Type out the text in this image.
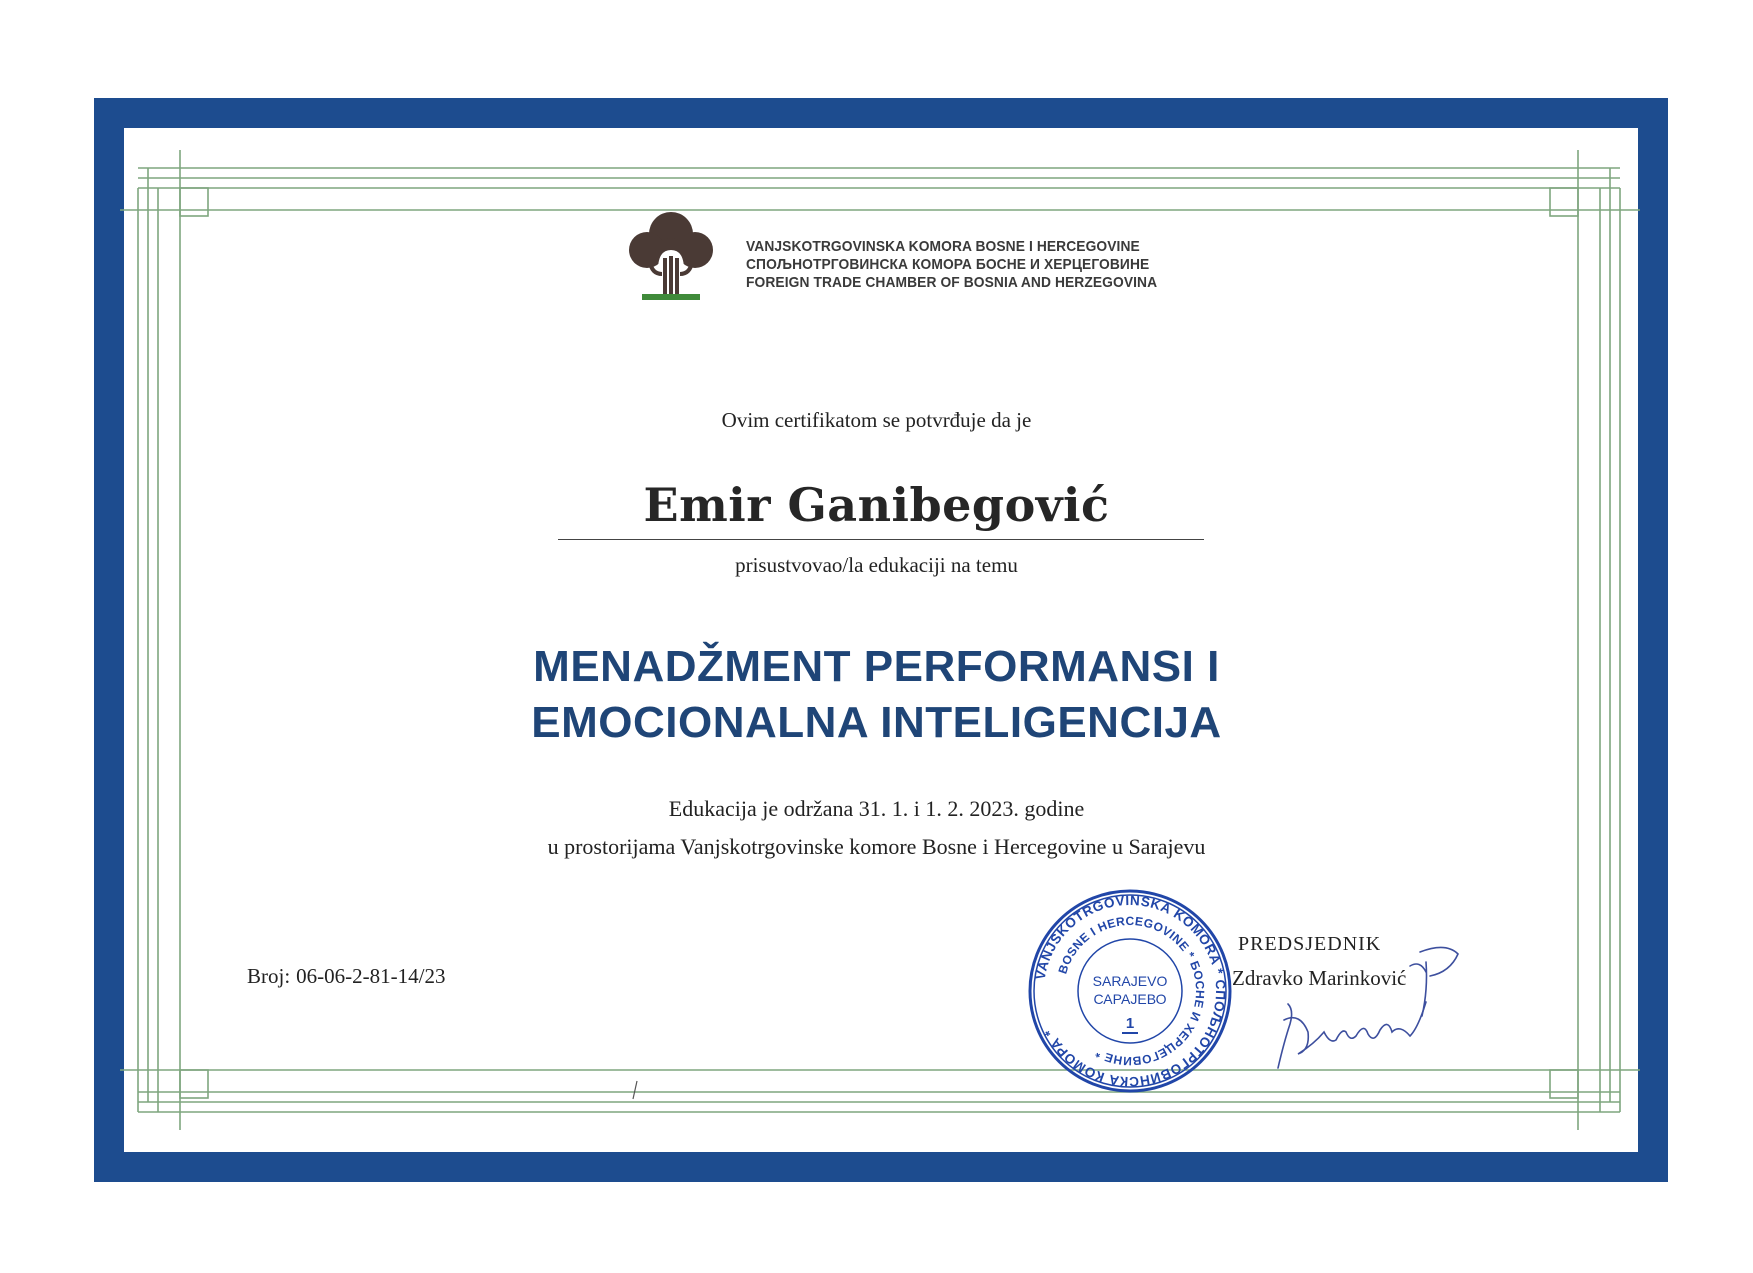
VANJSKOTRGOVINSKA KOMORA BOSNE I HERCEGOVINE
СПОЉНОТРГОВИНСКА КОМОРА БОСНЕ И ХЕРЦЕГОВИНЕ
FOREIGN TRADE CHAMBER OF BOSNIA AND HERZEGOVINA
Ovim certifikatom se potvrđuje da je
Emir Ganibegović
prisustvovao/la edukaciji na temu
MENADŽMENT PERFORMANSI I
EMOCIONALNA INTELIGENCIJA
Edukacija je održana 31. 1. i 1. 2. 2023. godine
u prostorijama Vanjskotrgovinske komore Bosne i Hercegovine u Sarajevu
Broj: 06-06-2-81-14/23	VANJSKOTRGOVINSKA KOMORA * СПОЉНОТРГОВИНСКА КОМОРА *
BOSNE I HERCEGOVINE * БОСНЕ И ХЕРЦЕГОВИНЕ *
SARAJEVO
САРАЈЕВО
1
PREDSJEDNIK
Zdravko Marinković
